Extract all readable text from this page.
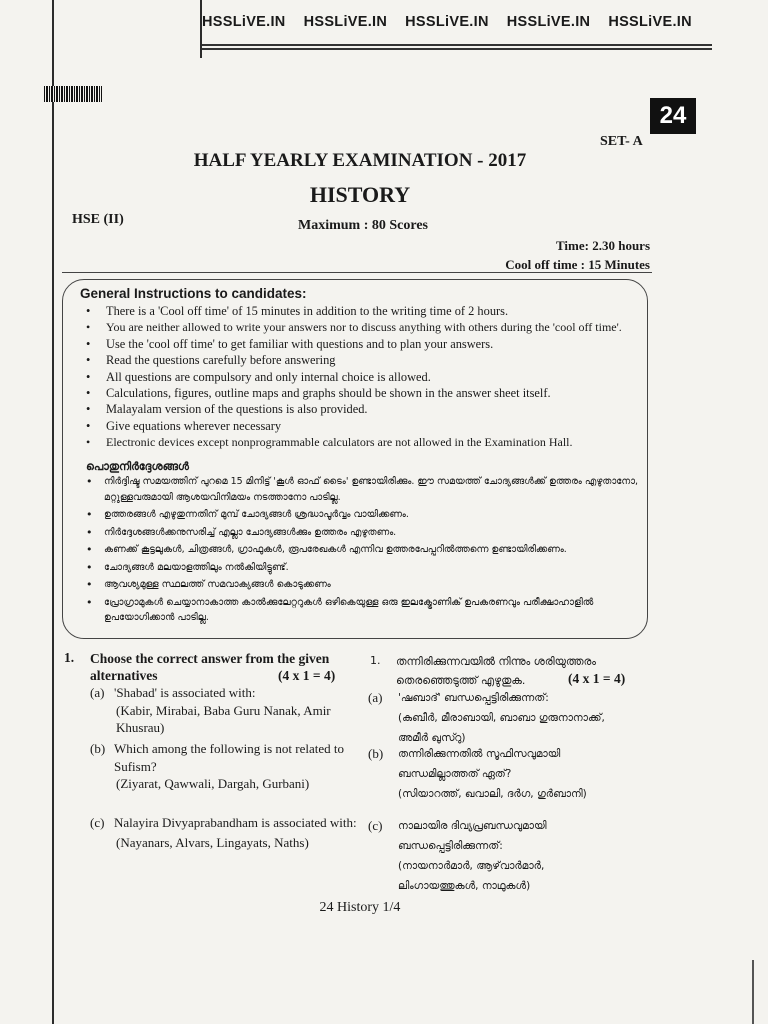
HSSLiVE.IN HSSLiVE.IN HSSLiVE.IN HSSLiVE.IN HSSLiVE.IN
24
SET- A
HALF YEARLY EXAMINATION - 2017
HISTORY
HSE (II)	Maximum : 80 Scores
Time: 2.30 hours
Cool off time : 15 Minutes
General Instructions to candidates:
• There is a 'Cool off time' of 15 minutes in addition to the writing time of 2 hours.
• You are neither allowed to write your answers nor to discuss anything with others during the 'cool off time'.
• Use the 'cool off time' to get familiar with questions and to plan your answers.
• Read the questions carefully before answering
• All questions are compulsory and only internal choice is allowed.
• Calculations, figures, outline maps and graphs should be shown in the answer sheet itself.
• Malayalam version of the questions is also provided.
• Give equations wherever necessary
• Electronic devices except nonprogrammable calculators are not allowed in the Examination Hall.
പൊതുനിർദ്ദേശങ്ങൾ
• നിർദ്ദിഷ്ട സമയത്തിന് പുറമെ 15 മിനിട്ട് 'കൂൾ ഓഫ് ടൈം' ഉണ്ടായിരിക്കും. ഈ സമയത്ത് ചോദ്യങ്ങൾക്ക് ഉത്തരം എഴുതാനോ, മറ്റുള്ളവരുമായി ആശയവിനിമയം നടത്താനോ പാടില്ല.
• ഉത്തരങ്ങൾ എഴുതുന്നതിന് മുമ്പ് ചോദ്യങ്ങൾ ശ്രദ്ധാപൂർവ്വം വായിക്കണം.
• നിർദ്ദേശങ്ങൾക്കനുസരിച്ച് എല്ലാ ചോദ്യങ്ങൾക്കും ഉത്തരം എഴുതണം.
• കണക്ക് കൂട്ടലുകൾ, ചിത്രങ്ങൾ, ഗ്രാഫുകൾ, രൂപരേഖകൾ എന്നിവ ഉത്തരപേപ്പറിൽത്തന്നെ ഉണ്ടായിരിക്കണം.
• ചോദ്യങ്ങൾ മലയാളത്തിലും നൽകിയിട്ടുണ്ട്.
• ആവശ്യമുള്ള സ്ഥലത്ത് സമവാക്യങ്ങൾ കൊടുക്കണം
• പ്രോഗ്രാമുകൾ ചെയ്യാനാകാത്ത കാൽക്കുലേറ്ററുകൾ ഒഴികെയുള്ള ഒരു ഇലക്ട്രോണിക് ഉപകരണവും പരീക്ഷാഹാളിൽ ഉപയോഗിക്കാൻ പാടില്ല.
1. Choose the correct answer from the given alternatives	(4 x 1 = 4)
(a) 'Shabad' is associated with:
(Kabir, Mirabai, Baba Guru Nanak, Amir Khusrau)
(b) Which among the following is not related to Sufism?
(Ziyarat, Qawwali, Dargah, Gurbani)
(c) Nalayira Divyaprabandham is associated with:
(Nayanars, Alvars, Lingayats, Naths)
1. തന്നിരിക്കുന്നവയിൽ നിന്നും ശരിയുത്തരം തെരഞ്ഞെടുത്ത് എഴുതുക.	(4 x 1 = 4)
(a) 'ഷബാദ്' ബന്ധപ്പെട്ടിരിക്കുന്നത്:
(കബീർ, മീരാബായി, ബാബാ ഗുരുനാനാക്ക്, അമീർ ഖുസ്റു)
(b) തന്നിരിക്കുന്നതിൽ സൂഫിസവുമായി ബന്ധമില്ലാത്തത് ഏത്?
(സിയാറത്ത്, ഖവാലി, ദർഗ, ഗുർബാനി)
(c) നാലായിര ദിവ്യപ്രബന്ധവുമായി ബന്ധപ്പെട്ടിരിക്കുന്നത്:
(നായനാർമാർ, ആഴ്‌വാർമാർ, ലിംഗായത്തുകൾ, നാഥുകൾ)
24 History 1/4
